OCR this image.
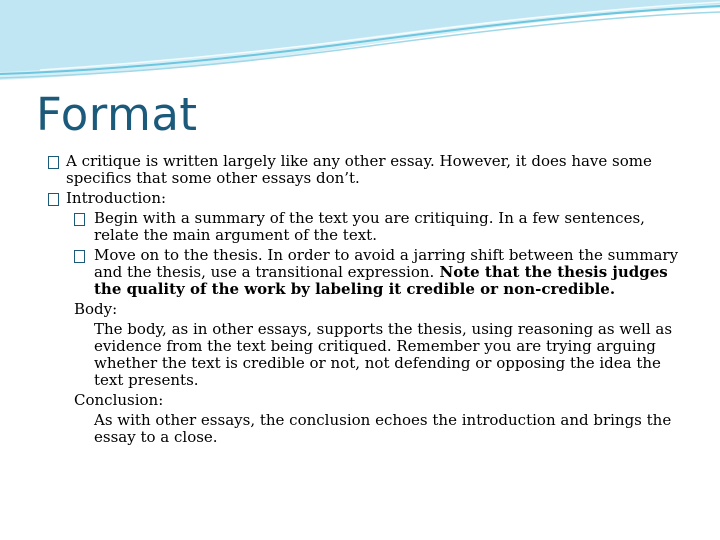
Format

A critique is written largely like any other essay. However, it does have some specifics that some other essays don’t.

Introduction:

Begin with a summary of the text you are critiquing. In a few sentences, relate the main argument of the text.

Move on to the thesis. In order to avoid a jarring shift between the summary and the thesis, use a transitional expression. Note that the thesis judges the quality of the work by labeling it credible or non-credible.

Body:

The body, as in other essays, supports the thesis, using reasoning as well as evidence from the text being critiqued. Remember you are trying arguing whether the text is credible or not, not defending or opposing the idea the text presents.

Conclusion:

As with other essays, the conclusion echoes the introduction and brings the essay to a close.
